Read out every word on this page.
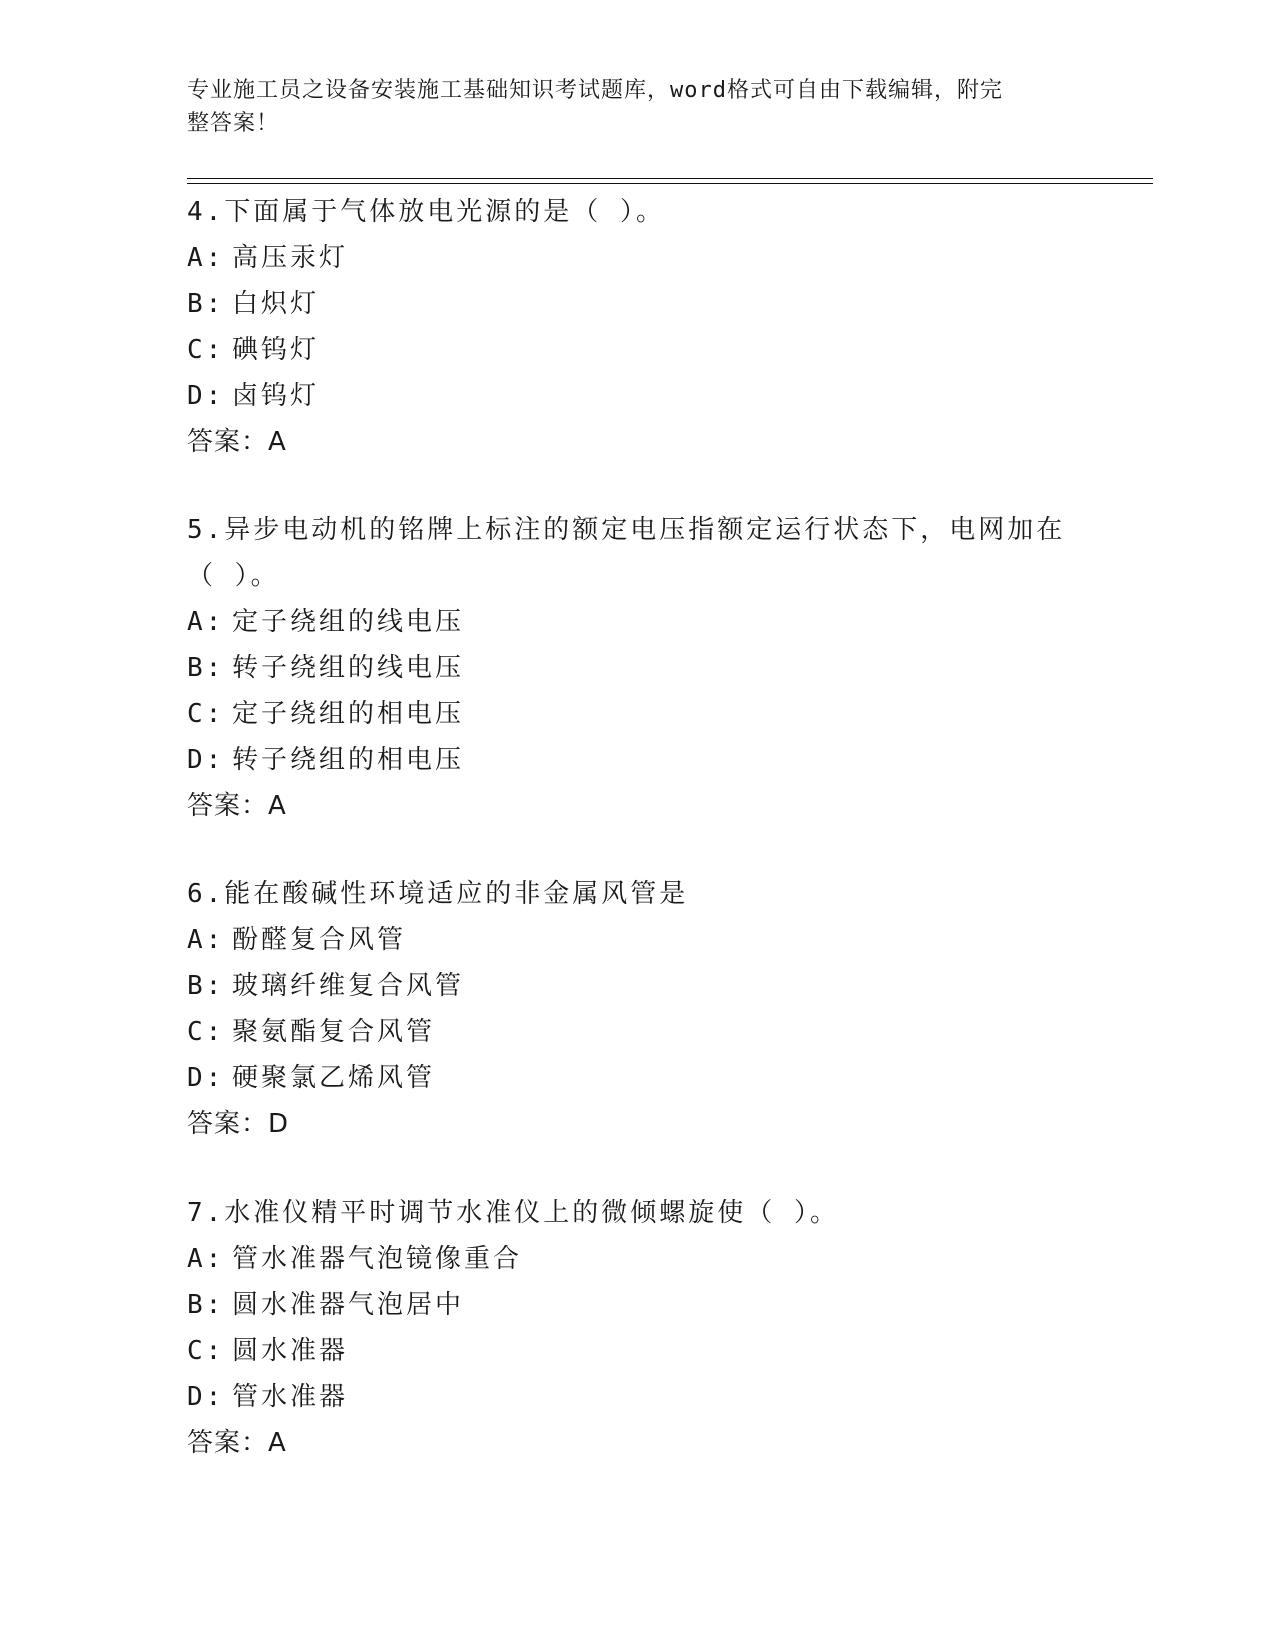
专业施工员之设备安装施工基础知识考试题库，word格式可自由下载编辑，附完
整答案！
4.下面属于气体放电光源的是（ ）。
A: 高压汞灯
B: 白炽灯
C: 碘钨灯
D: 卤钨灯
答案：A
5.异步电动机的铭牌上标注的额定电压指额定运行状态下，电网加在
（ ）。
A: 定子绕组的线电压
B: 转子绕组的线电压
C: 定子绕组的相电压
D: 转子绕组的相电压
答案：A
6.能在酸碱性环境适应的非金属风管是
A: 酚醛复合风管
B: 玻璃纤维复合风管
C: 聚氨酯复合风管
D: 硬聚氯乙烯风管
答案：D
7.水准仪精平时调节水准仪上的微倾螺旋使（ ）。
A: 管水准器气泡镜像重合
B: 圆水准器气泡居中
C: 圆水准器
D: 管水准器
答案：A
